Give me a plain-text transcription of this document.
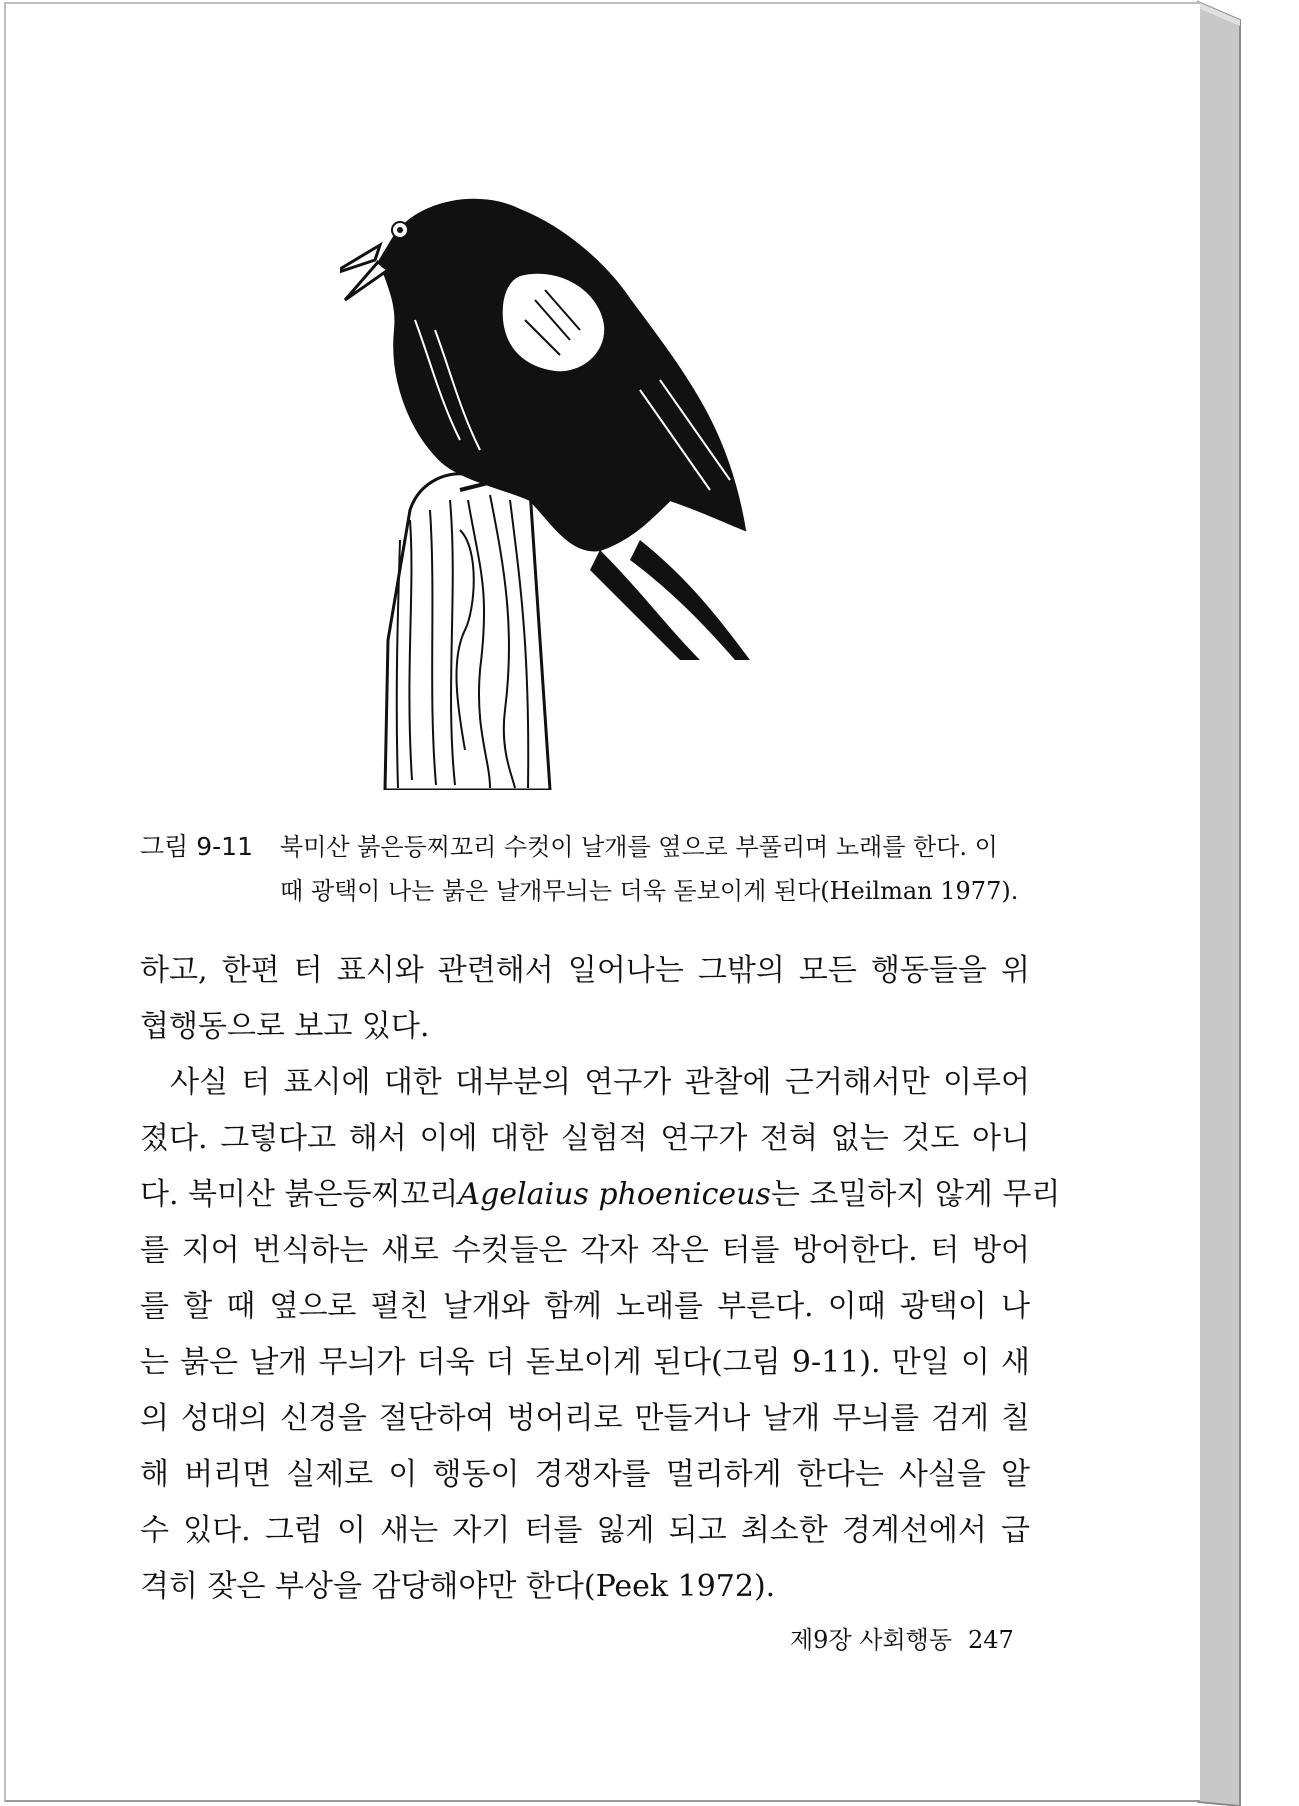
그림 9-11 북미산 붉은등찌꼬리 수컷이 날개를 옆으로 부풀리며 노래를 한다. 이
때 광택이 나는 붉은 날개무늬는 더욱 돋보이게 된다(Heilman 1977).
하고, 한편 터 표시와 관련해서 일어나는 그밖의 모든 행동들을 위
협행동으로 보고 있다.
사실 터 표시에 대한 대부분의 연구가 관찰에 근거해서만 이루어
졌다. 그렇다고 해서 이에 대한 실험적 연구가 전혀 없는 것도 아니
다. 북미산 붉은등찌꼬리Agelaius phoeniceus는 조밀하지 않게 무리
를 지어 번식하는 새로 수컷들은 각자 작은 터를 방어한다. 터 방어
를 할 때 옆으로 펼친 날개와 함께 노래를 부른다. 이때 광택이 나
는 붉은 날개 무늬가 더욱 더 돋보이게 된다(그림 9-11). 만일 이 새
의 성대의 신경을 절단하여 벙어리로 만들거나 날개 무늬를 검게 칠
해 버리면 실제로 이 행동이 경쟁자를 멀리하게 한다는 사실을 알
수 있다. 그럼 이 새는 자기 터를 잃게 되고 최소한 경계선에서 급
격히 잦은 부상을 감당해야만 한다(Peek 1972).
제9장 사회행동 247
